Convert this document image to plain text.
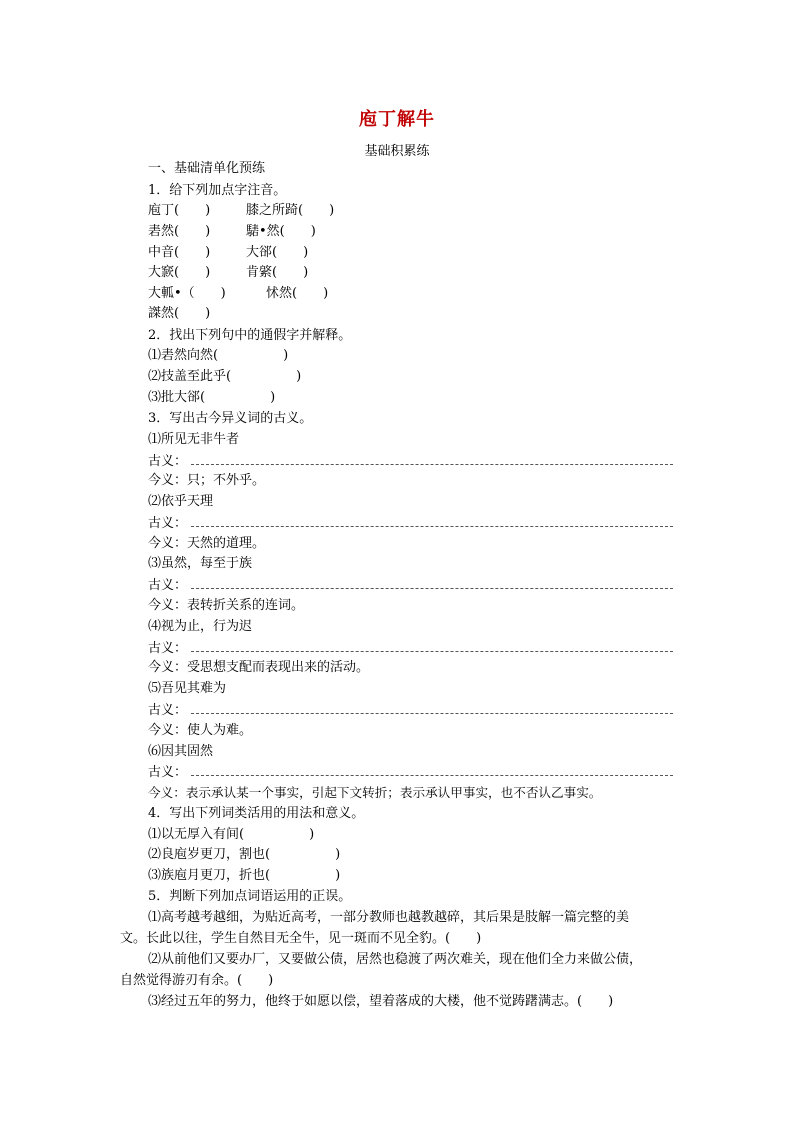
庖丁解牛
基础积累练
一、基础清单化预练
1．给下列加点字注音。
庖丁(　　)	膝之所踦(　　)
砉然(　　)	騞•然(　　)
中音(　　)	大郤(　　)
大窾(　　)	肯綮(　　)
大軱•（　　)	怵然(　　)
謋然(　　)
2．找出下列句中的通假字并解释。
⑴砉然向然(　　　　　)
⑵技盖至此乎(　　　　　)
⑶批大郤(　　　　　)
3．写出古今异义词的古义。
⑴所见无非牛者
古义：
今义：只；不外乎。
⑵依乎天理
古义：
今义：天然的道理。
⑶虽然，每至于族
古义：
今义：表转折关系的连词。
⑷视为止，行为迟
古义：
今义：受思想支配而表现出来的活动。
⑸吾见其难为
古义：
今义：使人为难。
⑹因其固然
古义：
今义：表示承认某一个事实，引起下文转折；表示承认甲事实，也不否认乙事实。
4．写出下列词类活用的用法和意义。
⑴以无厚入有间(　　　　　)
⑵良庖岁更刀，割也(　　　　　)
⑶族庖月更刀，折也(　　　　　)
5．判断下列加点词语运用的正误。
⑴高考越考越细，为贴近高考，一部分教师也越教越碎，其后果是肢解一篇完整的美
文。长此以往，学生自然目无全牛，见一斑而不见全豹。(　　)
⑵从前他们又要办厂，又要做公债，居然也稳渡了两次难关，现在他们全力来做公债，
自然觉得游刃有余。(　　)
⑶经过五年的努力，他终于如愿以偿，望着落成的大楼，他不觉踌躇满志。(　　)
